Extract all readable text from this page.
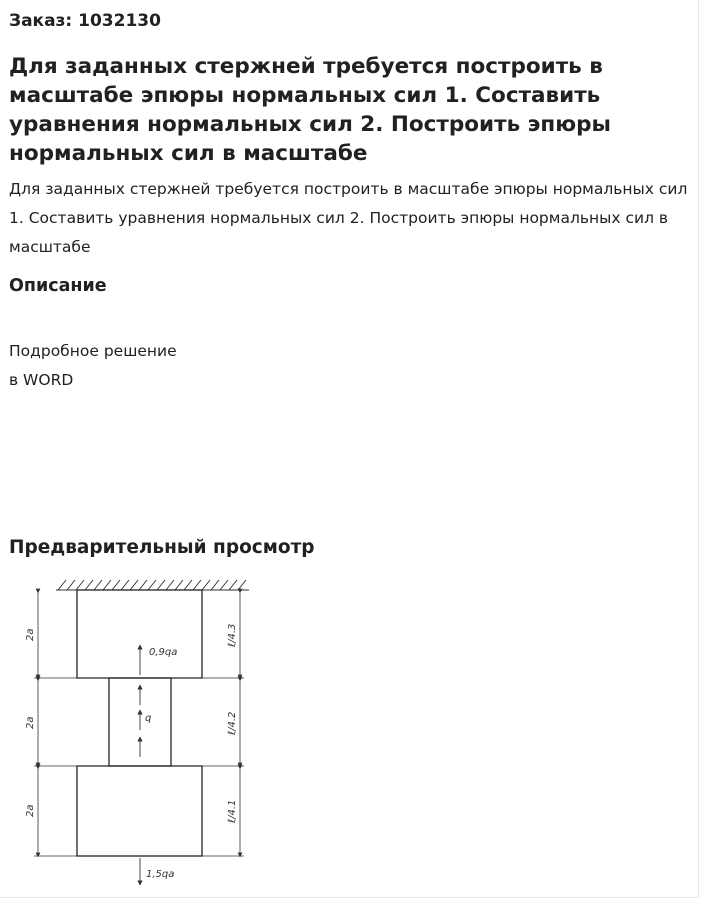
Заказ: 1032130
Для заданных стержней требуется построить в масштабе эпюры нормальных сил 1. Составить уравнения нормальных сил 2. Построить эпюры нормальных сил в масштабе

Для заданных стержней требуется построить в масштабе эпюры нормальных сил 1. Составить уравнения нормальных сил 2. Построить эпюры нормальных сил в масштабе

Описание
Подробное решение
в WORD
Предварительный просмотр
2a
2a
2a
ℓ/4.3
ℓ/4.2
ℓ/4.1
0,9qa
q
1,5qa
